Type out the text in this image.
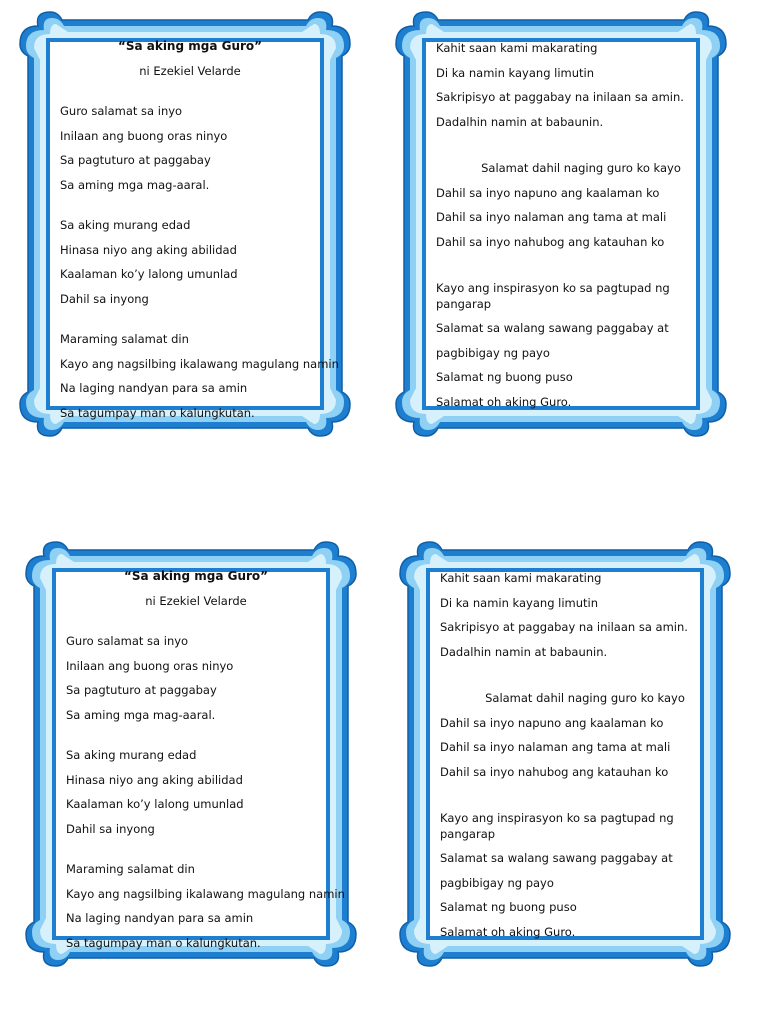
“Sa aking mga Guro”
ni Ezekiel Velarde
Guro salamat sa inyo
Inilaan ang buong oras ninyo
Sa pagtuturo at paggabay
Sa aming mga mag-aaral.
Sa aking murang edad
Hinasa niyo ang aking abilidad
Kaalaman ko’y lalong umunlad
Dahil sa inyong
Maraming salamat din
Kayo ang nagsilbing ikalawang magulang namin
Na laging nandyan para sa amin
Sa tagumpay man o kalungkutan.
Kahit saan kami makarating
Di ka namin kayang limutin
Sakripisyo at paggabay na inilaan sa amin.
Dadalhin namin at babaunin.
Salamat dahil naging guro ko kayo
Dahil sa inyo napuno ang kaalaman ko
Dahil sa inyo nalaman ang tama at mali
Dahil sa inyo nahubog ang katauhan ko
Kayo ang inspirasyon ko sa pagtupad ng pangarap
Salamat sa walang sawang paggabay at
pagbibigay ng payo
Salamat ng buong puso
Salamat oh aking Guro.
“Sa aking mga Guro”
ni Ezekiel Velarde
Guro salamat sa inyo
Inilaan ang buong oras ninyo
Sa pagtuturo at paggabay
Sa aming mga mag-aaral.
Sa aking murang edad
Hinasa niyo ang aking abilidad
Kaalaman ko’y lalong umunlad
Dahil sa inyong
Maraming salamat din
Kayo ang nagsilbing ikalawang magulang namin
Na laging nandyan para sa amin
Sa tagumpay man o kalungkutan.
Kahit saan kami makarating
Di ka namin kayang limutin
Sakripisyo at paggabay na inilaan sa amin.
Dadalhin namin at babaunin.
Salamat dahil naging guro ko kayo
Dahil sa inyo napuno ang kaalaman ko
Dahil sa inyo nalaman ang tama at mali
Dahil sa inyo nahubog ang katauhan ko
Kayo ang inspirasyon ko sa pagtupad ng pangarap
Salamat sa walang sawang paggabay at
pagbibigay ng payo
Salamat ng buong puso
Salamat oh aking Guro.
